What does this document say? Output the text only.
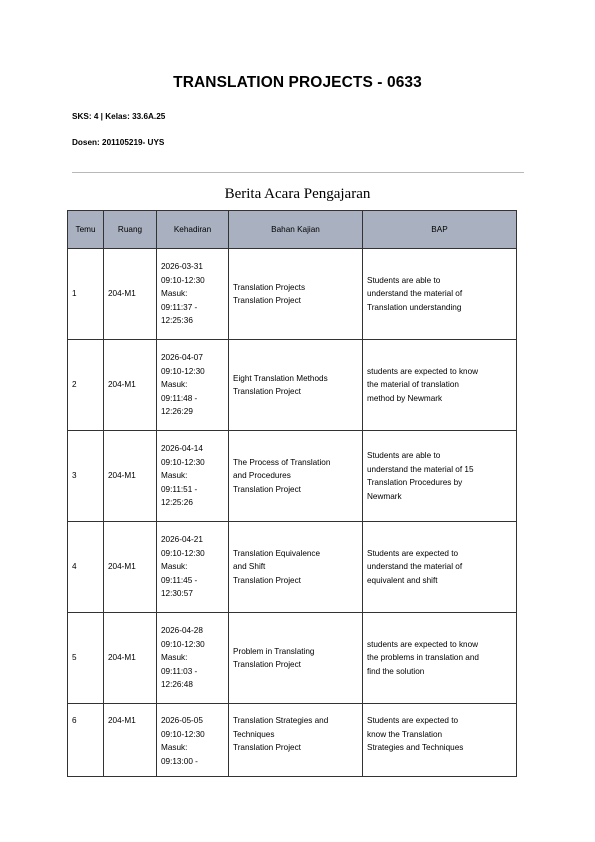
TRANSLATION PROJECTS - 0633
SKS: 4 | Kelas: 33.6A.25
Dosen: 201105219- UYS
Berita Acara Pengajaran
Temu	Ruang	Kehadiran	Bahan Kajian	BAP
1	204-M1	2026-03-31
09:10-12:30
Masuk:
09:11:37 -
12:25:36	Translation Projects
Translation Project	Students are able to
understand the material of
Translation understanding

2	204-M1	2026-04-07
09:10-12:30
Masuk:
09:11:48 -
12:26:29	Eight Translation Methods
Translation Project	students are expected to know
the material of translation
method by Newmark

3	204-M1	2026-04-14
09:10-12:30
Masuk:
09:11:51 -
12:25:26	The Process of Translation
and Procedures
Translation Project	Students are able to
understand the material of 15
Translation Procedures by
Newmark

4	204-M1	2026-04-21
09:10-12:30
Masuk:
09:11:45 -
12:30:57	Translation Equivalence
and Shift
Translation Project	Students are expected to
understand the material of
equivalent and shift

5	204-M1	2026-04-28
09:10-12:30
Masuk:
09:11:03 -
12:26:48	Problem in Translating
Translation Project	students are expected to know
the problems in translation and
find the solution

6	204-M1	2026-05-05
09:10-12:30
Masuk:
09:13:00 -	Translation Strategies and
Techniques
Translation Project	Students are expected to
know the Translation
Strategies and Techniques
